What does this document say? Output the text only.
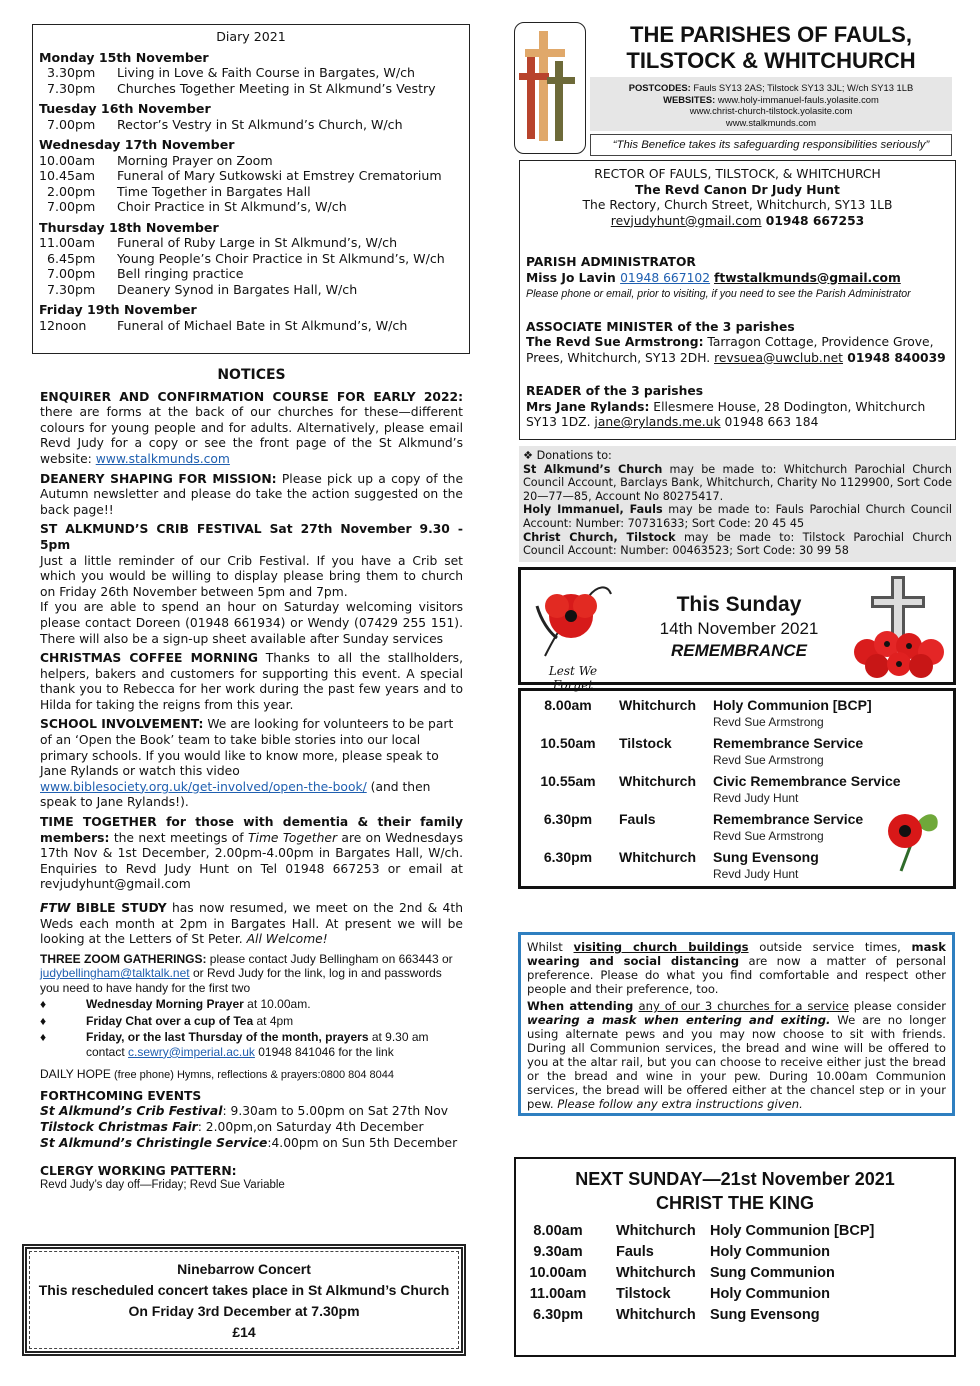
Diary 2021
Monday 15th November
3.30pm	Living in Love & Faith Course in Bargates, W/ch
7.30pm	Churches Together Meeting in St Alkmund’s Vestry
Tuesday 16th November
7.00pm	Rector’s Vestry in St Alkmund’s Church, W/ch
Wednesday 17th November
10.00am	Morning Prayer on Zoom
10.45am	Funeral of Mary Sutkowski at Emstrey Crematorium
2.00pm	Time Together in Bargates Hall
7.00pm	Choir Practice in St Alkmund’s, W/ch
Thursday 18th November
11.00am	Funeral of Ruby Large in St Alkmund’s, W/ch
6.45pm	Young People’s Choir Practice in St Alkmund’s, W/ch
7.00pm	Bell ringing practice
7.30pm	Deanery Synod in Bargates Hall, W/ch
Friday 19th November
12noon	Funeral of Michael Bate in St Alkmund’s, W/ch
NOTICES

ENQUIRER AND CONFIRMATION COURSE FOR EARLY 2022: there are forms at the back of our churches for these—different colours for young people and for adults. Alternatively, please email Revd Judy for a copy or see the front page of the St Alkmund’s website: www.stalkmunds.com

DEANERY SHAPING FOR MISSION: Please pick up a copy of the Autumn newsletter and please do take the action suggested on the back page!!

ST ALKMUND’S CRIB FESTIVAL Sat 27th November 9.30 - 5pm
Just a little reminder of our Crib Festival. If you have a Crib set which you would be willing to display please bring them to church on Friday 26th November between 5pm and 7pm.

If you are able to spend an hour on Saturday welcoming visitors please contact Doreen (01948 661934) or Wendy (07429 255 151). There will also be a sign-up sheet available after Sunday services

CHRISTMAS COFFEE MORNING Thanks to all the stallholders, helpers, bakers and customers for supporting this event. A special thank you to Rebecca for her work during the past few years and to Hilda for taking the reigns from this year.

SCHOOL INVOLVEMENT: We are looking for volunteers to be part of an ‘Open the Book’ team to take bible stories into our local primary schools. If you would like to know more, please speak to Jane Rylands or watch this video
www.biblesociety.org.uk/get-involved/open-the-book/ (and then speak to Jane Rylands!).

TIME TOGETHER for those with dementia & their family members: the next meetings of Time Together are on Wednesdays 17th Nov & 1st December, 2.00pm-4.00pm in Bargates Hall, W/ch. Enquiries to Revd Judy Hunt on Tel 01948 667253 or email at revjudyhunt@gmail.com

FTW BIBLE STUDY has now resumed, we meet on the 2nd & 4th Weds each month at 2pm in Bargates Hall. At present we will be looking at the Letters of St Peter. All Welcome!

THREE ZOOM GATHERINGS: please contact Judy Bellingham on 663443 or judybellingham@talktalk.net or Revd Judy for the link, log in and passwords you need to have handy for the first two
♦	Wednesday Morning Prayer at 10.00am.
♦	Friday Chat over a cup of Tea at 4pm
♦	Friday, or the last Thursday of the month, prayers at 9.30 am contact c.sewry@imperial.ac.uk 01948 841046 for the link

DAILY HOPE (free phone) Hymns, reflections & prayers:0800 804 8044

FORTHCOMING EVENTS
St Alkmund’s Crib Festival: 9.30am to 5.00pm on Sat 27th Nov
Tilstock Christmas Fair: 2.00pm,on Saturday 4th December
St Alkmund’s Christingle Service:4.00pm on Sun 5th December
CLERGY WORKING PATTERN:
Revd Judy’s day off—Friday; Revd Sue Variable
Ninebarrow Concert
This rescheduled concert takes place in St Alkmund’s Church
On Friday 3rd December at 7.30pm
£14
THE PARISHES OF FAULS, TILSTOCK & WHITCHURCH
POSTCODES: Fauls SY13 2AS; Tilstock SY13 3JL; W/ch SY13 1LB
WEBSITES: www.holy-immanuel-fauls.yolasite.com
www.christ-church-tilstock.yolasite.com
www.stalkmunds.com
“This Benefice takes its safeguarding responsibilities seriously”
RECTOR OF FAULS, TILSTOCK, & WHITCHURCH
The Revd Canon Dr Judy Hunt
The Rectory, Church Street, Whitchurch, SY13 1LB
revjudyhunt@gmail.com 01948 667253
PARISH ADMINISTRATOR
Miss Jo Lavin 01948 667102 ftwstalkmunds@gmail.com
Please phone or email, prior to visiting, if you need to see the Parish Administrator
ASSOCIATE MINISTER of the 3 parishes
The Revd Sue Armstrong: Tarragon Cottage, Providence Grove, Prees, Whitchurch, SY13 2DH. revsuea@uwclub.net 01948 840039
READER of the 3 parishes
Mrs Jane Rylands: Ellesmere House, 28 Dodington, Whitchurch SY13 1DZ. jane@rylands.me.uk 01948 663 184
❖ Donations to:
St Alkmund’s Church may be made to: Whitchurch Parochial Church Council Account, Barclays Bank, Whitchurch, Charity No 1129900, Sort Code 20—77—85, Account No 80275417.
Holy Immanuel, Fauls may be made to: Fauls Parochial Church Council Account: Number: 70731633; Sort Code: 20 45 45
Christ Church, Tilstock may be made to: Tilstock Parochial Church Council Account: Number: 00463523; Sort Code: 30 99 58
Lest We Forget
This Sunday
14th November 2021
REMEMBRANCE
8.00am	Whitchurch Holy Communion [BCP]
Revd Sue Armstrong
10.50am	Tilstock	Remembrance Service
Revd Sue Armstrong
10.55am	Whitchurch Civic Remembrance Service
Revd Judy Hunt
6.30pm	Fauls	Remembrance Service
Revd Sue Armstrong
6.30pm	Whitchurch Sung Evensong
Revd Judy Hunt

Whilst visiting church buildings outside service times, mask wearing and social distancing are now a matter of personal preference. Please do what you find comfortable and respect other people and their preference, too.

When attending any of our 3 churches for a service please consider wearing a mask when entering and exiting. We are no longer using alternate pews and you may now choose to sit with friends. During all Communion services, the bread and wine will be offered to you at the altar rail, but you can choose to receive either just the bread or the bread and wine in your pew. During 10.00am Communion services, the bread will be offered either at the chancel step or in your pew. Please follow any extra instructions given.

NEXT SUNDAY—21st November 2021
CHRIST THE KING
8.00am	Whitchurch Holy Communion [BCP]
9.30am	Fauls	Holy Communion
10.00am	Whitchurch Sung Communion
11.00am	Tilstock	Holy Communion
6.30pm	Whitchurch Sung Evensong
